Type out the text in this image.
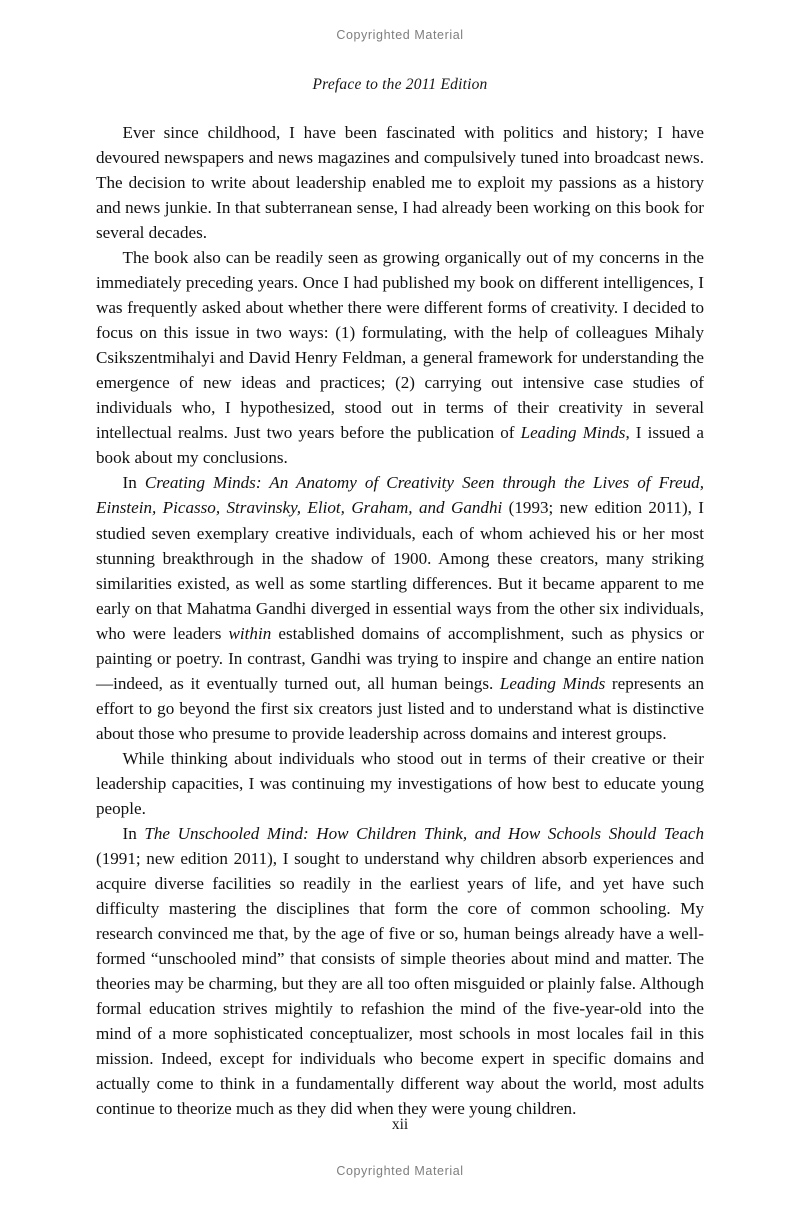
Copyrighted Material
Preface to the 2011 Edition

Ever since childhood, I have been fascinated with politics and history; I have devoured newspapers and news magazines and compulsively tuned into broadcast news. The decision to write about leadership enabled me to exploit my passions as a history and news junkie. In that subterranean sense, I had already been working on this book for several decades.

The book also can be readily seen as growing organically out of my concerns in the immediately preceding years. Once I had published my book on different intelligences, I was frequently asked about whether there were different forms of creativity. I decided to focus on this issue in two ways: (1) formulating, with the help of colleagues Mihaly Csikszentmihalyi and David Henry Feldman, a general framework for understanding the emergence of new ideas and practices; (2) carrying out intensive case studies of individuals who, I hypothesized, stood out in terms of their creativity in several intellectual realms. Just two years before the publication of Leading Minds, I issued a book about my conclusions.

In Creating Minds: An Anatomy of Creativity Seen through the Lives of Freud, Einstein, Picasso, Stravinsky, Eliot, Graham, and Gandhi (1993; new edition 2011), I studied seven exemplary creative individuals, each of whom achieved his or her most stunning breakthrough in the shadow of 1900. Among these creators, many striking similarities existed, as well as some startling differences. But it became apparent to me early on that Mahatma Gandhi diverged in essential ways from the other six individuals, who were leaders within established domains of accomplishment, such as physics or painting or poetry. In contrast, Gandhi was trying to inspire and change an entire nation—indeed, as it eventually turned out, all human beings. Leading Minds represents an effort to go beyond the first six creators just listed and to understand what is distinctive about those who presume to provide leadership across domains and interest groups.

While thinking about individuals who stood out in terms of their creative or their leadership capacities, I was continuing my investigations of how best to educate young people.

In The Unschooled Mind: How Children Think, and How Schools Should Teach (1991; new edition 2011), I sought to understand why children absorb experiences and acquire diverse facilities so readily in the earliest years of life, and yet have such difficulty mastering the disciplines that form the core of common schooling. My research convinced me that, by the age of five or so, human beings already have a well-formed “unschooled mind” that consists of simple theories about mind and matter. The theories may be charming, but they are all too often misguided or plainly false. Although formal education strives mightily to refashion the mind of the five-year-old into the mind of a more sophisticated conceptualizer, most schools in most locales fail in this mission. Indeed, except for individuals who become expert in specific domains and actually come to think in a fundamentally different way about the world, most adults continue to theorize much as they did when they were young children.

xii
Copyrighted Material
